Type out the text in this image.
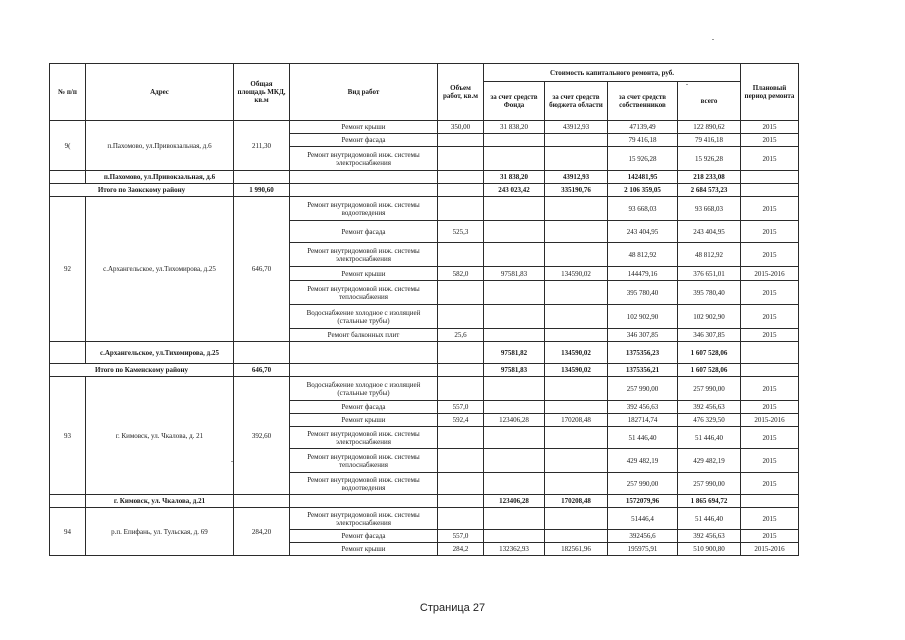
№ п/п	Адрес	Общая площадь МКД, кв.м	Вид работ	Объем работ, кв.м	Стоимость капитального ремонта, руб.				Плановый период ремонта
					за счет средств Фонда	за счет средств бюджета области	за счет средств собственников	всего	
9(	п.Пахомово, ул.Привокзальная, д.6	211,30	Ремонт крыши	350,00	31 838,20	43912,93	47139,49	122 890,62	2015
			Ремонт фасада				79 416,18	79 416,18	2015
			Ремонт внутридомовой инж. системы электроснабжения				15 926,28	15 926,28	2015
	п.Пахомово, ул.Привокзальная, д.6				31 838,20	43912,93	142481,95	218 233,08	
Итого по Заокскому району		1 990,60			243 023,42	335190,76	2 106 359,05	2 684 573,23	
92	с.Архангельское, ул.Тихомирова, д.25	646,70	Ремонт внутридомовой инж. системы водоотведения				93 668,03	93 668,03	2015
			Ремонт фасада	525,3			243 404,95	243 404,95	2015
			Ремонт внутридомовой инж. системы электроснабжения				48 812,92	48 812,92	2015
			Ремонт крыши	582,0	97581,83	134590,02	144479,16	376 651,01	2015-2016
			Ремонт внутридомовой инж. системы теплоснабжения				395 780,40	395 780,40	2015
			Водоснабжение холодное с изоляцией (стальные трубы)				102 902,90	102 902,90	2015
			Ремонт балконных плит	25,6			346 307,85	346 307,85	2015
	с.Архангельское, ул.Тихомирова, д.25				97581,82	134590,02	1375356,23	1 607 528,06	
Итого по Каменскому району		646,70			97581,83	134590,02	1375356,21	1 607 528,06	
93	г. Кимовск, ул. Чкалова, д. 21	392,60	Водоснабжение холодное с изоляцией (стальные трубы)				257 990,00	257 990,00	2015
			Ремонт фасада	557,0			392 456,63	392 456,63	2015
			Ремонт крыши	592,4	123406,28	170208,48	182714,74	476 329,50	2015-2016
			Ремонт внутридомовой инж. системы электроснабжения				51 446,40	51 446,40	2015
			Ремонт внутридомовой инж. системы теплоснабжения				429 482,19	429 482,19	2015
			Ремонт внутридомовой инж. системы водоотведения				257 990,00	257 990,00	2015
	г. Кимовск, ул. Чкалова, д.21				123406,28	170208,48	1572079,96	1 865 694,72	
94	р.п. Епифань, ул. Тульская, д. 69	284,20	Ремонт внутридомовой инж. системы электроснабжения				51446,4	51 446,40	2015
			Ремонт фасада	557,0			392456,6	392 456,63	2015
			Ремонт крыши	284,2	132362,93	182561,96	195975,91	510 900,80	2015-2016
Страница 27
